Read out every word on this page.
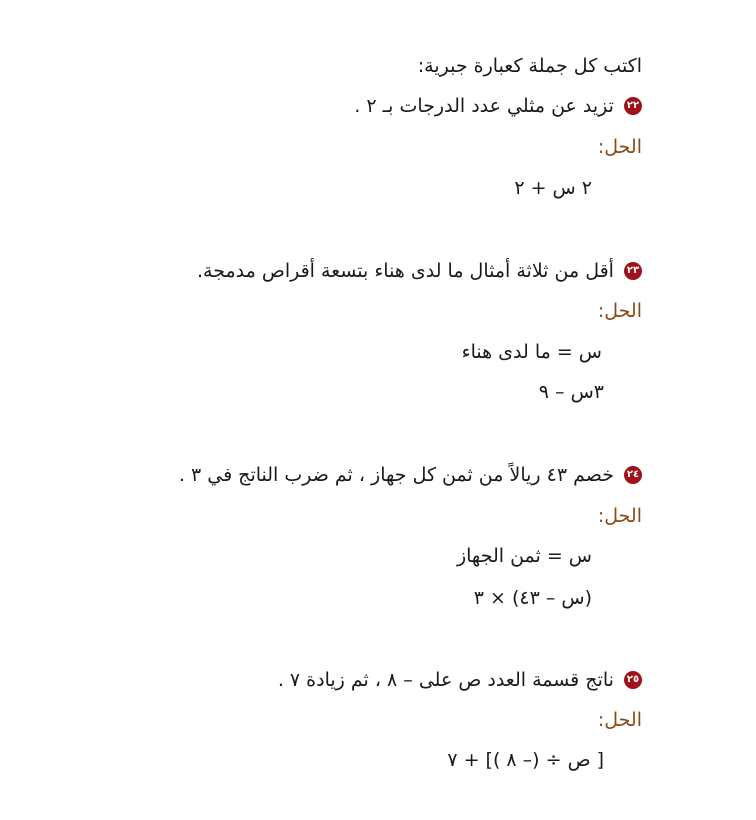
اكتب كل جملة كعبارة جبرية:
٢٢ تزيد عن مثلي عدد الدرجات بـ ٢ .
الحل:
٢ س + ٢
٢٣ أقل من ثلاثة أمثال ما لدى هناء بتسعة أقراص مدمجة.
الحل:
س = ما لدى هناء
٣س – ٩
٢٤ خصم ٤٣ ريالاً من ثمن كل جهاز ، ثم ضرب الناتج في ٣ .
الحل:
س = ثمن الجهاز
(س – ٤٣) × ٣
٢٥ ناتج قسمة العدد ص على – ٨ ، ثم زيادة ٧ .
الحل:
[ ص ÷ (– ٨ )] + ٧
